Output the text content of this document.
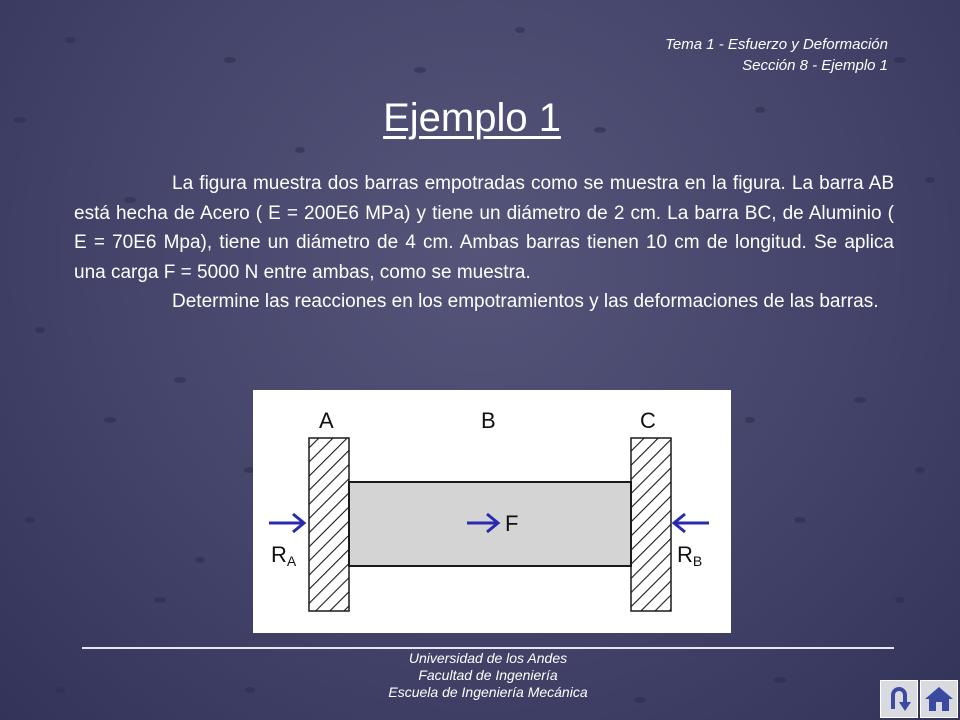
Tema 1 - Esfuerzo y Deformación
Sección 8 - Ejemplo 1
Ejemplo 1

La figura muestra dos barras empotradas como se muestra en la figura. La barra AB está hecha de Acero ( E = 200E6 MPa) y tiene un diámetro de 2 cm. La barra BC, de Aluminio ( E = 70E6 Mpa), tiene un diámetro de 4 cm. Ambas barras tienen 10 cm de longitud. Se aplica una carga F = 5000 N entre ambas, como se muestra.

Determine las reacciones en los empotramientos y las deformaciones de las barras.

A	B	C
F
RA	RB
Universidad de los Andes
Facultad de Ingeniería
Escuela de Ingeniería Mecánica
